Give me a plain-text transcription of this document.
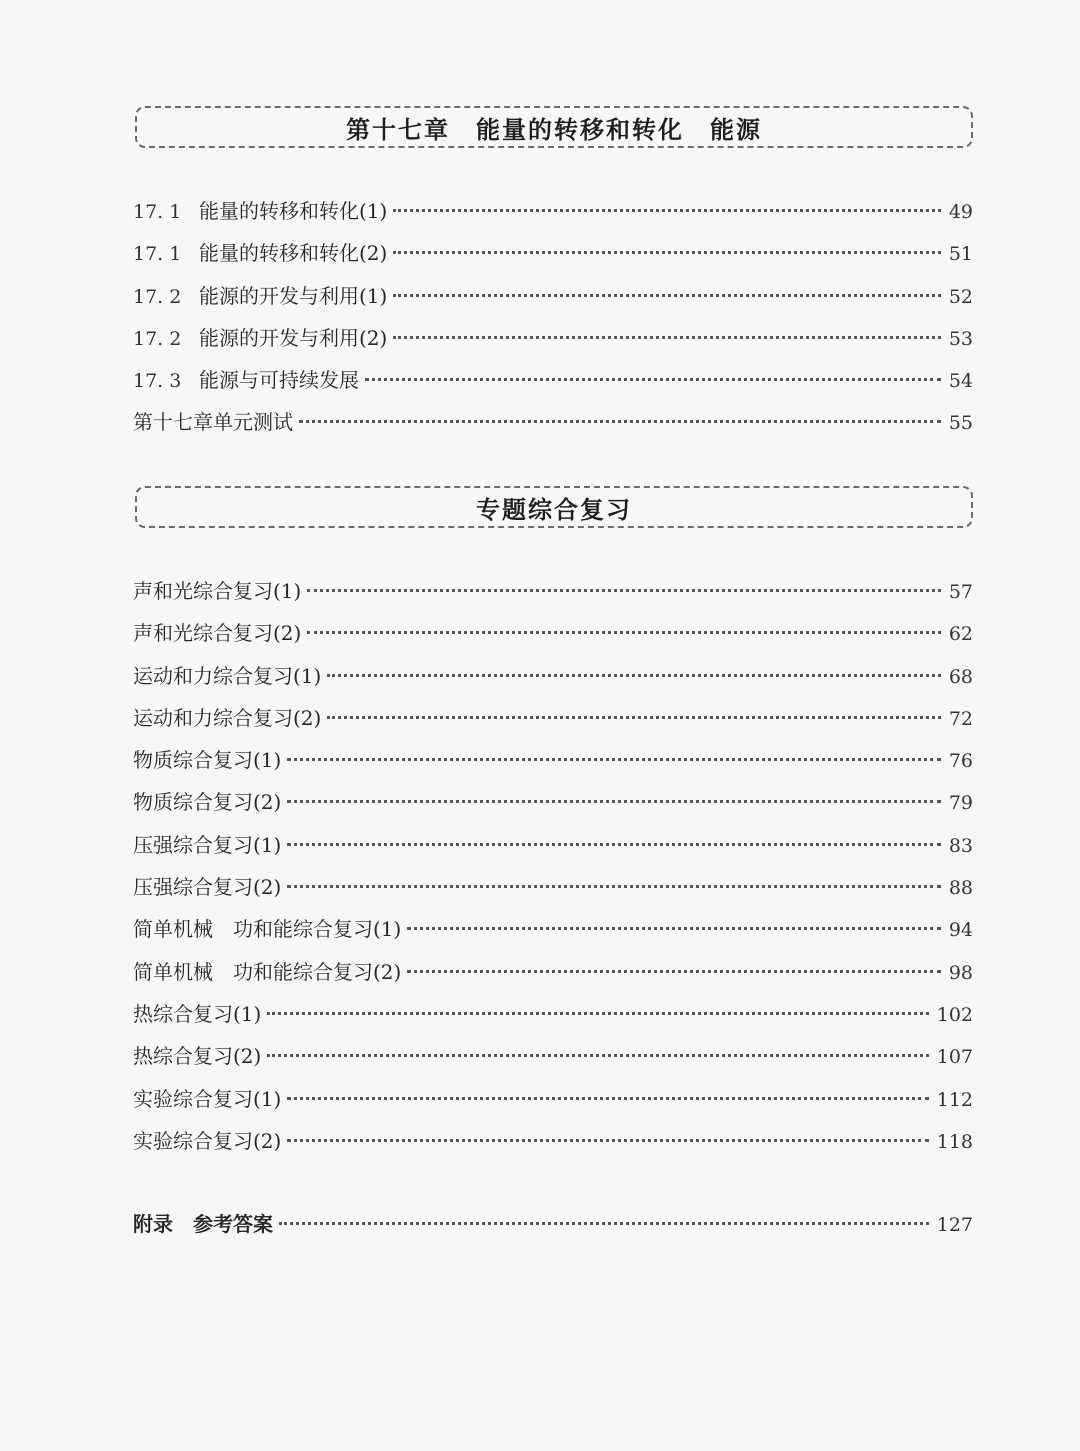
第十七章　能量的转移和转化　能源
17. 1 能量的转移和转化(1)	49
17. 1 能量的转移和转化(2)	51
17. 2 能源的开发与利用(1)	52
17. 2 能源的开发与利用(2)	53
17. 3 能源与可持续发展	54
第十七章单元测试	55
专题综合复习
声和光综合复习(1)	57
声和光综合复习(2)	62
运动和力综合复习(1)	68
运动和力综合复习(2)	72
物质综合复习(1)	76
物质综合复习(2)	79
压强综合复习(1)	83
压强综合复习(2)	88
简单机械　功和能综合复习(1)	94
简单机械　功和能综合复习(2)	98
热综合复习(1)	102
热综合复习(2)	107
实验综合复习(1)	112
实验综合复习(2)	118
附录　参考答案	127
